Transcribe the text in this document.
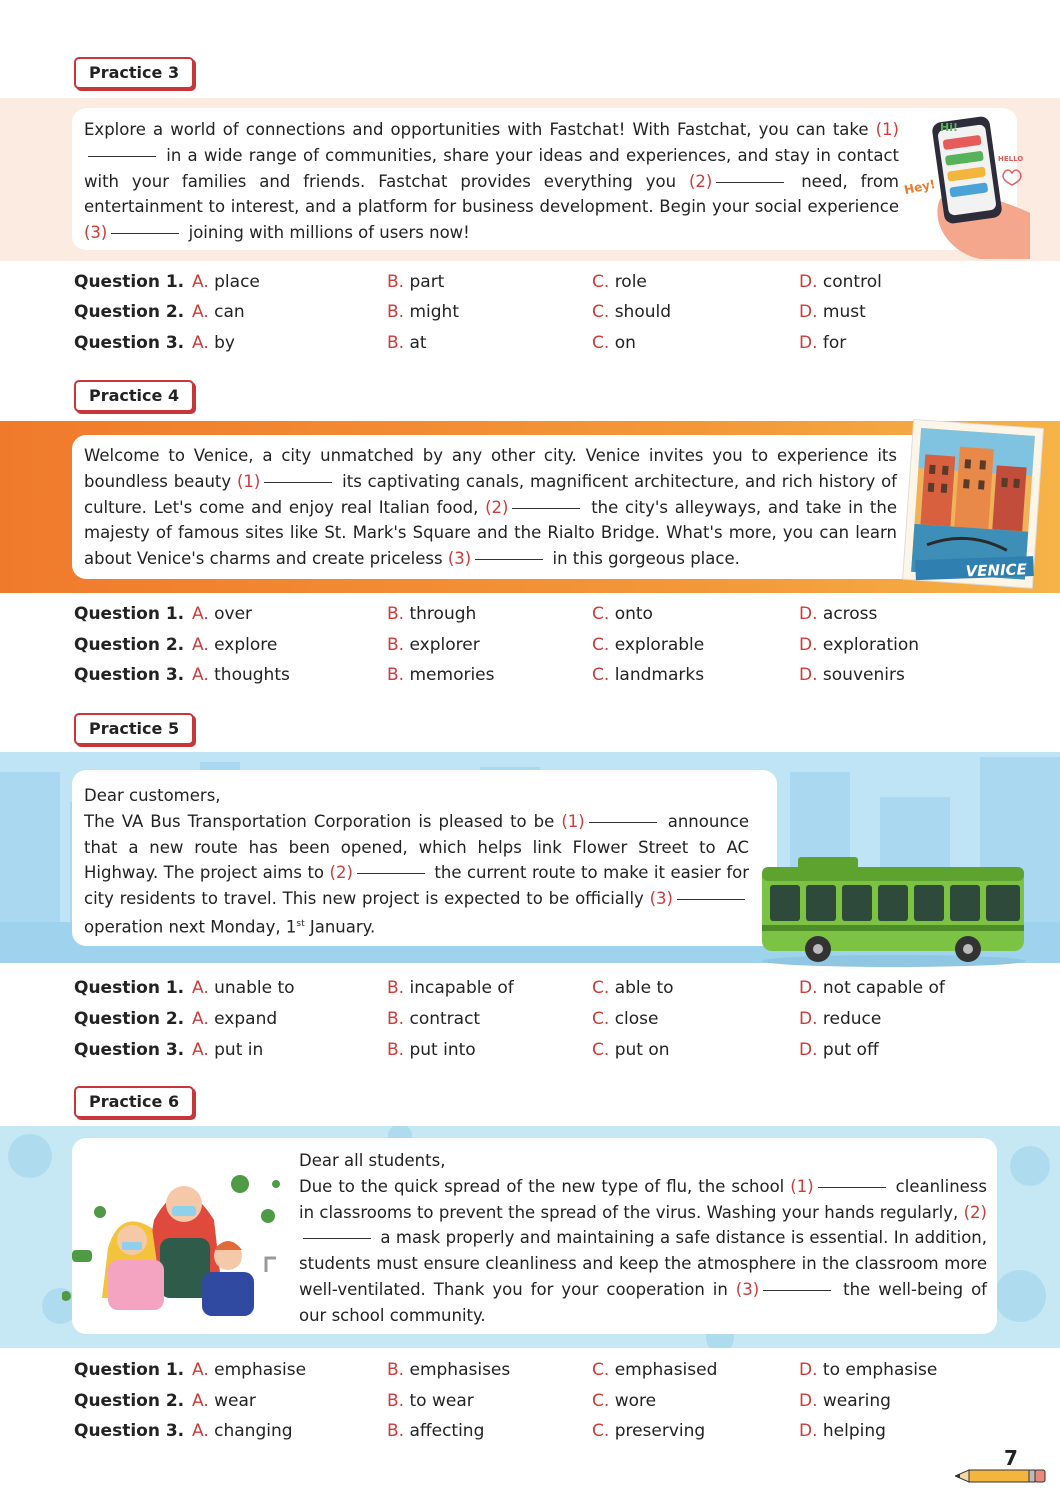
Practice 3
Explore a world of connections and opportunities with Fastchat! With Fastchat, you can take (1) in a wide range of communities, share your ideas and experiences, and stay in contact with your families and friends. Fastchat provides everything you (2)	need, from entertainment to interest, and a platform for business development. Begin your social experience (3)	joining with millions of users now!
Hi!
HELLO
Hey!
Question 1. A. place	B. part	C. role	D. control
Question 2. A. can	B. might	C. should	D. must
Question 3. A. by	B. at	C. on	D. for
Practice 4
Welcome to Venice, a city unmatched by any other city. Venice invites you to experience its boundless beauty (1)	its captivating canals, magnificent architecture, and rich history of culture. Let's come and enjoy real Italian food, (2)	the city's alleyways, and take in the majesty of famous sites like St. Mark's Square and the Rialto Bridge. What's more, you can learn about Venice's charms and create priceless (3)	in this gorgeous place.
VENICE
Question 1. A. over	B. through	C. onto	D. across
Question 2. A. explore	B. explorer	C. explorable	D. exploration
Question 3. A. thoughts	B. memories	C. landmarks	D. souvenirs
Practice 5
Dear customers,
The VA Bus Transportation Corporation is pleased to be (1)	announce that a new route has been opened, which helps link Flower Street to AC Highway. The project aims to (2)	the current route to make it easier for city residents to travel. This new project is expected to be officially (3) operation next Monday, 1st January.
Question 1. A. unable to	B. incapable of	C. able to	D. not capable of
Question 2. A. expand	B. contract	C. close	D. reduce
Question 3. A. put in	B. put into	C. put on	D. put off
Practice 6
Dear all students,
Due to the quick spread of the new type of flu, the school (1)	cleanliness in classrooms to prevent the spread of the virus. Washing your hands regularly, (2) a mask properly and maintaining a safe distance is essential. In addition, students must ensure cleanliness and keep the atmosphere in the classroom more well-ventilated. Thank you for your cooperation in (3)	the well-being of our school community.
Question 1. A. emphasise	B. emphasises	C. emphasised	D. to emphasise
Question 2. A. wear	B. to wear	C. wore	D. wearing
Question 3. A. changing	B. affecting	C. preserving	D. helping
7
